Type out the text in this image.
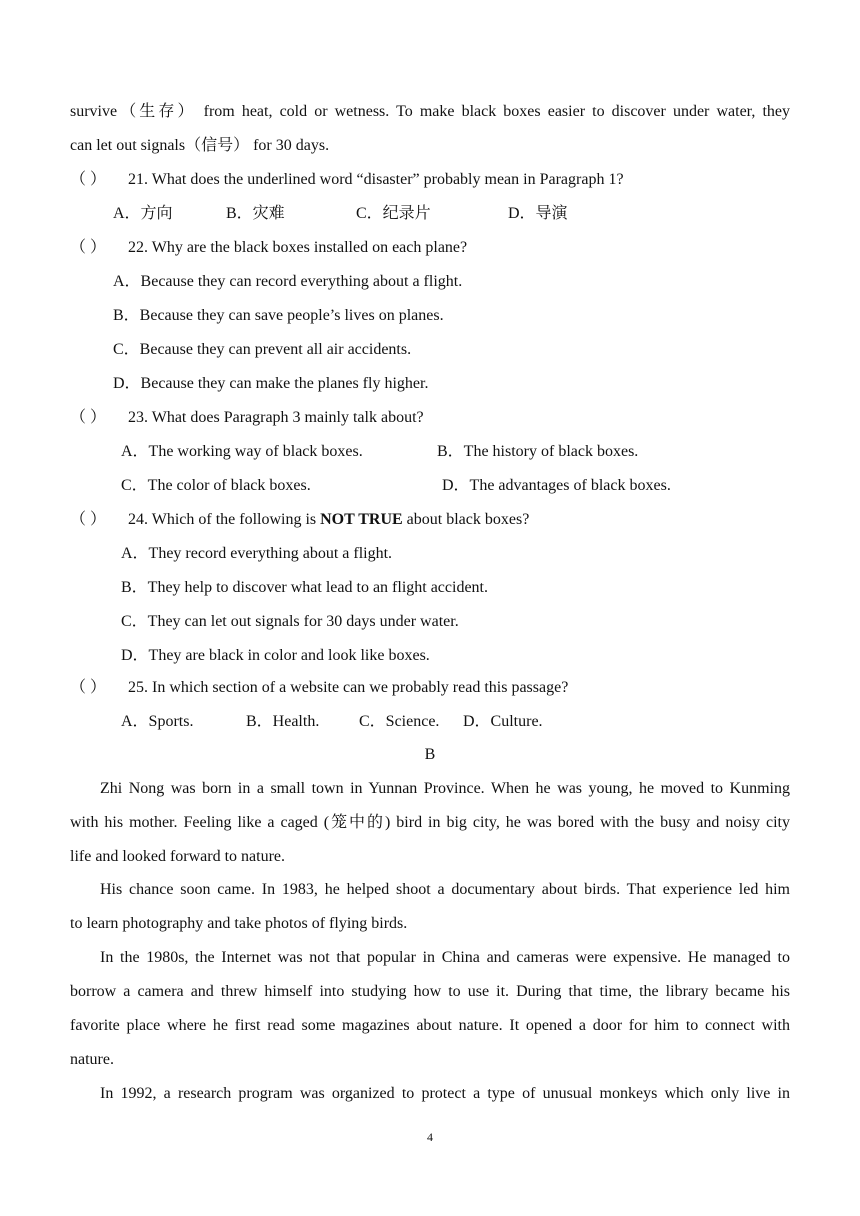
survive（生存） from heat, cold or wetness. To make black boxes easier to discover under water, they
can let out signals（信号） for 30 days.
（ ） 21. What does the underlined word “disaster” probably mean in Paragraph 1?
A．方向	B．灾难	C．纪录片	D．导演
（ ） 22. Why are the black boxes installed on each plane?
A．Because they can record everything about a flight.
B．Because they can save people’s lives on planes.
C．Because they can prevent all air accidents.
D．Because they can make the planes fly higher.
（ ） 23. What does Paragraph 3 mainly talk about?
A．The working way of black boxes.	B．The history of black boxes.
C．The color of black boxes.	D．The advantages of black boxes.
（ ） 24. Which of the following is NOT TRUE about black boxes?
A．They record everything about a flight.
B．They help to discover what lead to an flight accident.
C．They can let out signals for 30 days under water.
D．They are black in color and look like boxes.
（ ） 25. In which section of a website can we probably read this passage?
A．Sports.	B．Health. C．Science. D．Culture.
B
Zhi Nong was born in a small town in Yunnan Province. When he was young, he moved to Kunming
with his mother. Feeling like a caged (笼中的) bird in big city, he was bored with the busy and noisy city
life and looked forward to nature.
His chance soon came. In 1983, he helped shoot a documentary about birds. That experience led him
to learn photography and take photos of flying birds.
In the 1980s, the Internet was not that popular in China and cameras were expensive. He managed to
borrow a camera and threw himself into studying how to use it. During that time, the library became his
favorite place where he first read some magazines about nature. It opened a door for him to connect with
nature.
In 1992, a research program was organized to protect a type of unusual monkeys which only live in
4
